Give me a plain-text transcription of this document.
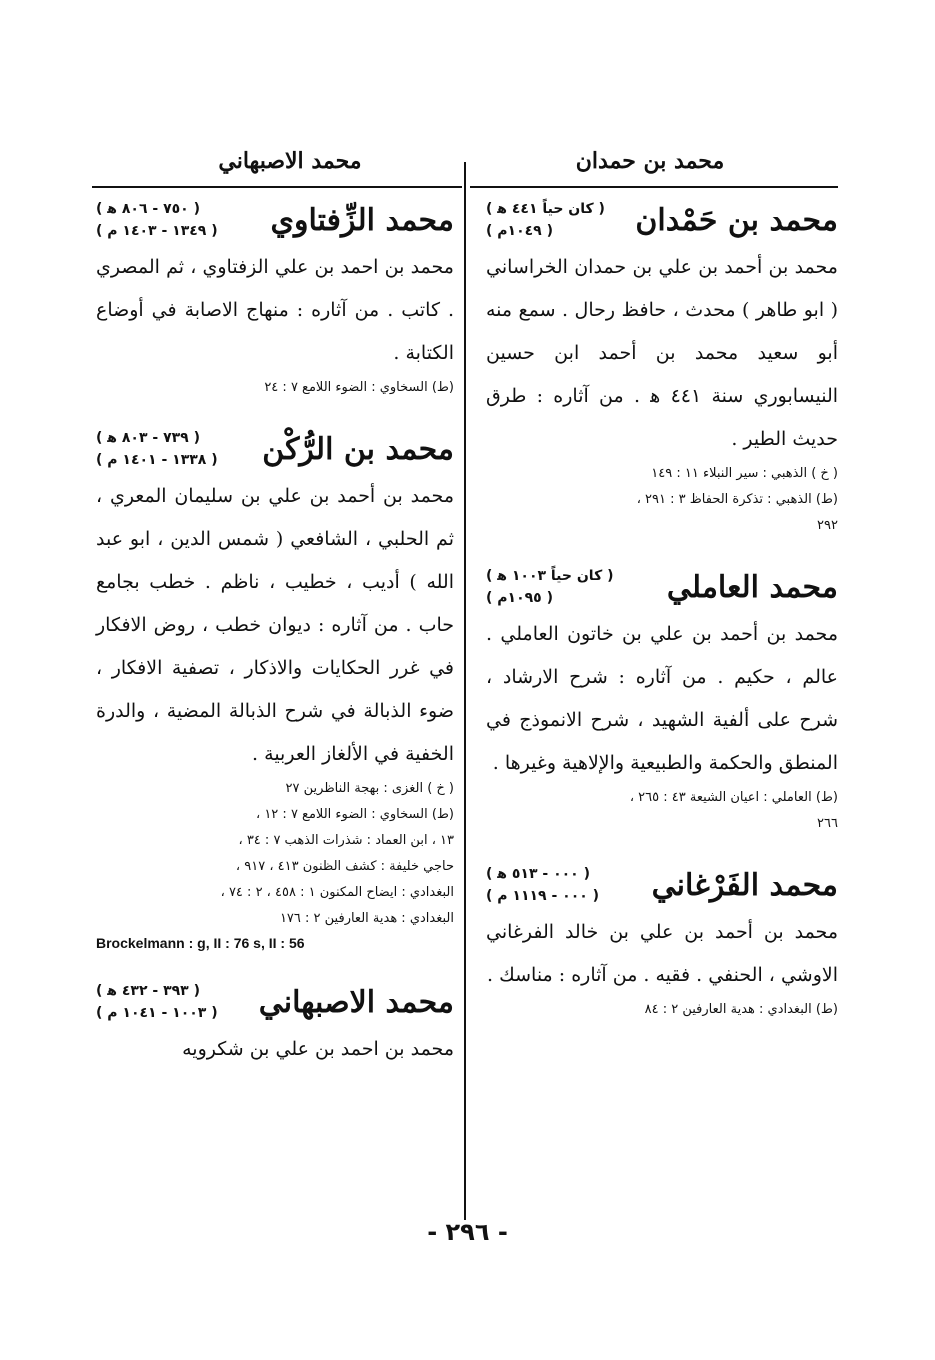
محمد بن حمدان
محمد الاصبهاني
محمد بن حَمْدان
( كان حياً ٤٤١ ﻫ )
( ١٠٤٩م )
محمد بن أحمد بن علي بن حمدان الخراساني ( ابو طاهر ) محدث ، حافظ رحال . سمع منه أبو سعيد محمد بن أحمد ابن حسين النيسابوري سنة ٤٤١ ﻫ . من آثاره : طرق حديث الطير .
( خ ) الذهبي : سير النبلاء ١١ : ١٤٩
(ط) الذهبي : تذكرة الحفاظ ٣ : ٢٩١ ،
٢٩٢
محمد العاملي
( كان حياً ١٠٠٣ ﻫ )
( ١٠٩٥م )
محمد بن أحمد بن علي بن خاتون العاملي . عالم ، حكيم . من آثاره : شرح الارشاد ، شرح على ألفية الشهيد ، شرح الانموذج في المنطق والحكمة والطبيعية والإلاهية وغيرها .
(ط) العاملي : اعيان الشيعة ٤٣ : ٢٦٥ ،
٢٦٦
محمد الفَرْغاني
( ٠٠٠ - ٥١٣ ﻫ )
( ٠٠٠ - ١١١٩ م )
محمد بن أحمد بن علي بن خالد الفرغاني الاوشي ، الحنفي . فقيه . من آثاره : مناسك .
(ط) البغدادي : هدية العارفين ٢ : ٨٤
محمد الزِّفتاوي
( ٧٥٠ - ٨٠٦ ﻫ )
( ١٣٤٩ - ١٤٠٣ م )
محمد بن احمد بن علي الزفتاوي ، ثم المصري . كاتب . من آثاره : منهاج الاصابة في أوضاع الكتابة .
(ط) السخاوي : الضوء اللامع ٧ : ٢٤
محمد بن الرُّكْن
( ٧٣٩ - ٨٠٣ ﻫ )
( ١٣٣٨ - ١٤٠١ م )
محمد بن أحمد بن علي بن سليمان المعري ، ثم الحلبي ، الشافعي ( شمس الدين ، ابو عبد الله ) أديب ، خطيب ، ناظم . خطب بجامع حاب . من آثاره : ديوان خطب ، روض الافكار في غرر الحكايات والاذكار ، تصفية الافكار ، ضوء الذبالة في شرح الذبالة المضية ، والدرة الخفية في الألغاز العربية .
( خ ) الغزى : بهجة الناظرين ٢٧
(ط) السخاوي : الضوء اللامع ٧ : ١٢ ،
١٣ ، ابن العماد : شذرات الذهب ٧ : ٣٤ ،
حاجي خليفة : كشف الظنون ٤١٣ ، ٩١٧ ،
البغدادي : ايضاح المكنون ١ : ٤٥٨ ، ٢ : ٧٤ ،
البغدادي : هدية العارفين ٢ : ١٧٦
Brockelmann : g, II : 76 s, II : 56
محمد الاصبهاني
( ٣٩٣ - ٤٣٢ ﻫ )
( ١٠٠٣ - ١٠٤١ م )
محمد بن احمد بن علي بن شكرويه
- ٢٩٦ -
